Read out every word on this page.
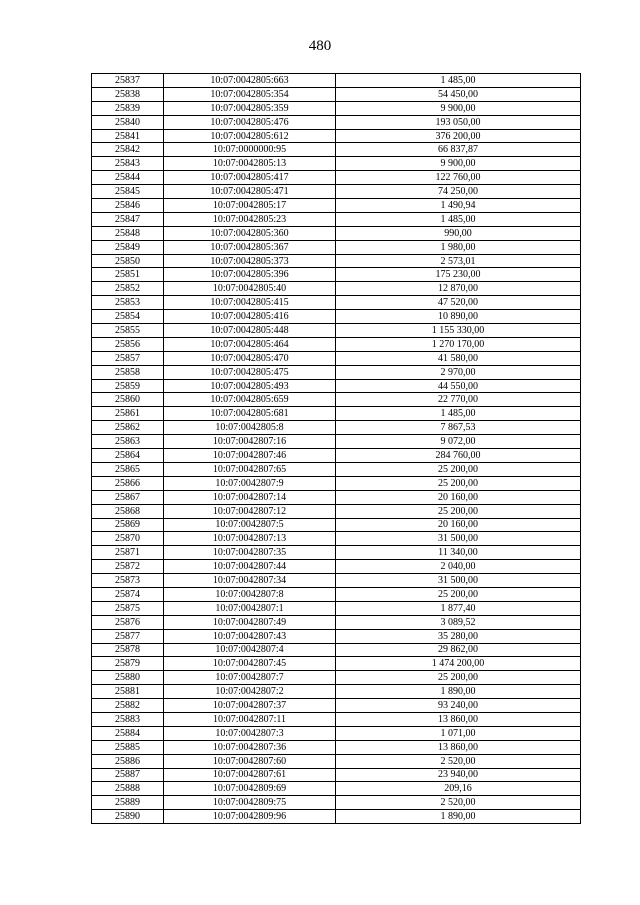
480
25837	10:07:0042805:663	1 485,00
25838	10:07:0042805:354	54 450,00
25839	10:07:0042805:359	9 900,00
25840	10:07:0042805:476	193 050,00
25841	10:07:0042805:612	376 200,00
25842	10:07:0000000:95	66 837,87
25843	10:07:0042805:13	9 900,00
25844	10:07:0042805:417	122 760,00
25845	10:07:0042805:471	74 250,00
25846	10:07:0042805:17	1 490,94
25847	10:07:0042805:23	1 485,00
25848	10:07:0042805:360	990,00
25849	10:07:0042805:367	1 980,00
25850	10:07:0042805:373	2 573,01
25851	10:07:0042805:396	175 230,00
25852	10:07:0042805:40	12 870,00
25853	10:07:0042805:415	47 520,00
25854	10:07:0042805:416	10 890,00
25855	10:07:0042805:448	1 155 330,00
25856	10:07:0042805:464	1 270 170,00
25857	10:07:0042805:470	41 580,00
25858	10:07:0042805:475	2 970,00
25859	10:07:0042805:493	44 550,00
25860	10:07:0042805:659	22 770,00
25861	10:07:0042805:681	1 485,00
25862	10:07:0042805:8	7 867,53
25863	10:07:0042807:16	9 072,00
25864	10:07:0042807:46	284 760,00
25865	10:07:0042807:65	25 200,00
25866	10:07:0042807:9	25 200,00
25867	10:07:0042807:14	20 160,00
25868	10:07:0042807:12	25 200,00
25869	10:07:0042807:5	20 160,00
25870	10:07:0042807:13	31 500,00
25871	10:07:0042807:35	11 340,00
25872	10:07:0042807:44	2 040,00
25873	10:07:0042807:34	31 500,00
25874	10:07:0042807:8	25 200,00
25875	10:07:0042807:1	1 877,40
25876	10:07:0042807:49	3 089,52
25877	10:07:0042807:43	35 280,00
25878	10:07:0042807:4	29 862,00
25879	10:07:0042807:45	1 474 200,00
25880	10:07:0042807:7	25 200,00
25881	10:07:0042807:2	1 890,00
25882	10:07:0042807:37	93 240,00
25883	10:07:0042807:11	13 860,00
25884	10:07:0042807:3	1 071,00
25885	10:07:0042807:36	13 860,00
25886	10:07:0042807:60	2 520,00
25887	10:07:0042807:61	23 940,00
25888	10:07:0042809:69	209,16
25889	10:07:0042809:75	2 520,00
25890	10:07:0042809:96	1 890,00
